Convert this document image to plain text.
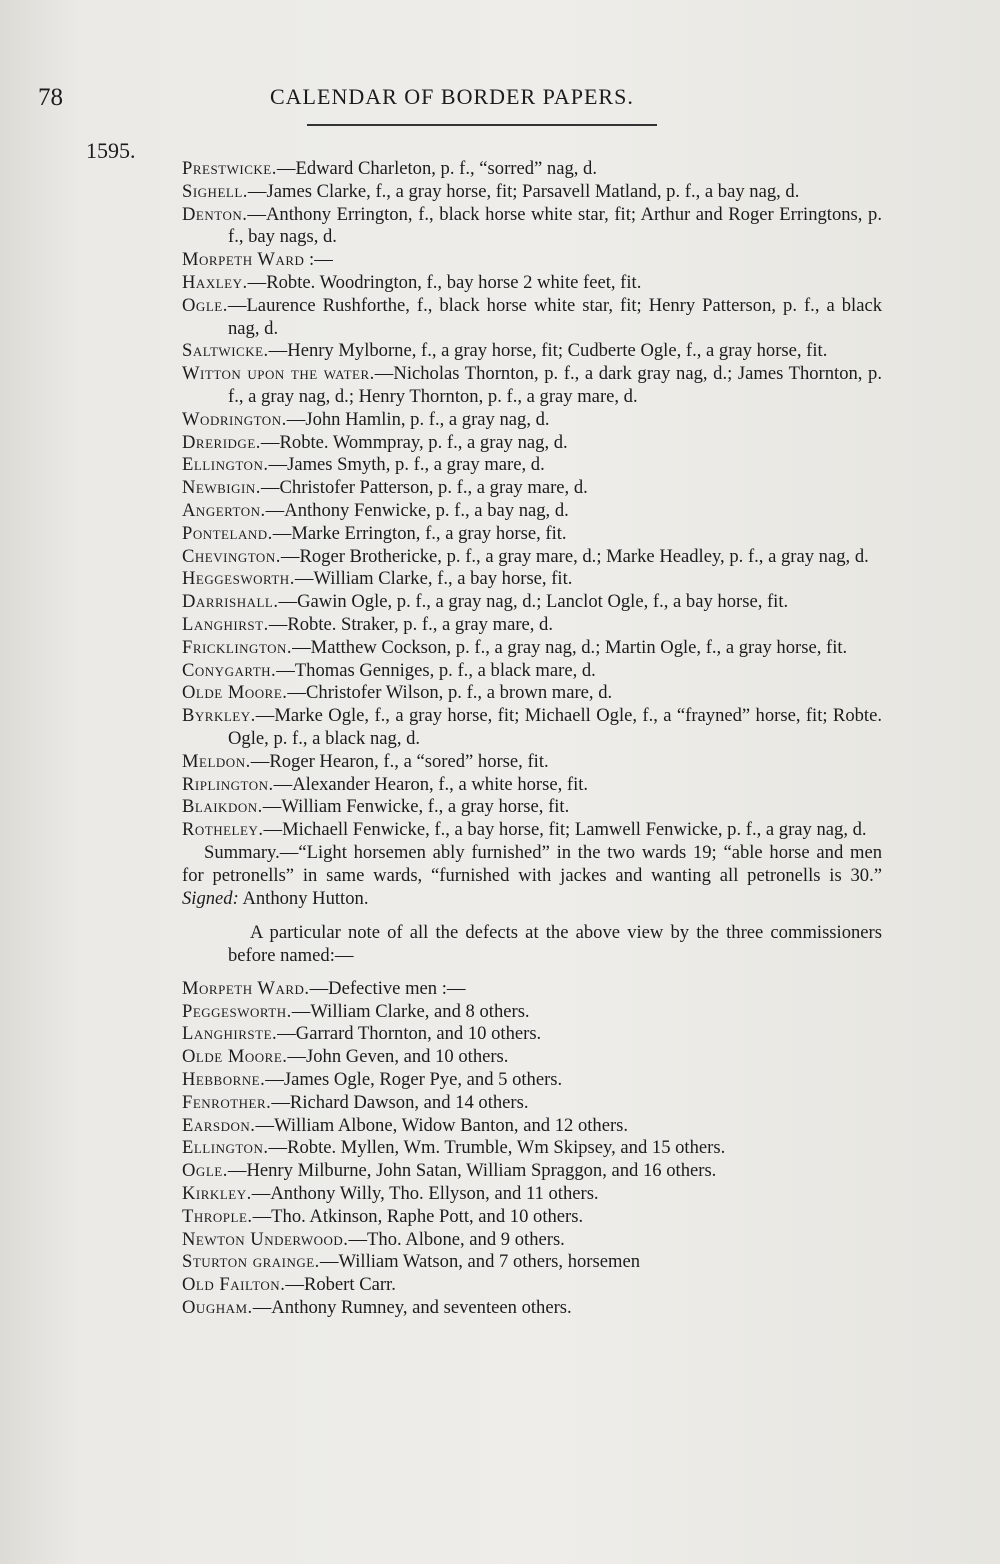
78	CALENDAR OF BORDER PAPERS.
1595.

Prestwicke.—Edward Charleton, p. f., “sorred” nag, d.

Sighell.—James Clarke, f., a gray horse, fit; Parsavell Matland, p. f., a bay nag, d.

Denton.—Anthony Errington, f., black horse white star, fit; Arthur and Roger Erringtons, p. f., bay nags, d.

Morpeth Ward :—

Haxley.—Robte. Woodrington, f., bay horse 2 white feet, fit.

Ogle.—Laurence Rushforthe, f., black horse white star, fit; Henry Patterson, p. f., a black nag, d.

Saltwicke.—Henry Mylborne, f., a gray horse, fit; Cudberte Ogle, f., a gray horse, fit.

Witton upon the water.—Nicholas Thornton, p. f., a dark gray nag, d.; James Thornton, p. f., a gray nag, d.; Henry Thornton, p. f., a gray mare, d.

Wodrington.—John Hamlin, p. f., a gray nag, d.

Dreridge.—Robte. Wommpray, p. f., a gray nag, d.

Ellington.—James Smyth, p. f., a gray mare, d.

Newbigin.—Christofer Patterson, p. f., a gray mare, d.

Angerton.—Anthony Fenwicke, p. f., a bay nag, d.

Ponteland.—Marke Errington, f., a gray horse, fit.

Chevington.—Roger Brothericke, p. f., a gray mare, d.; Marke Headley, p. f., a gray nag, d.

Heggesworth.—William Clarke, f., a bay horse, fit.

Darrishall.—Gawin Ogle, p. f., a gray nag, d.; Lanclot Ogle, f., a bay horse, fit.

Langhirst.—Robte. Straker, p. f., a gray mare, d.

Fricklington.—Matthew Cockson, p. f., a gray nag, d.; Martin Ogle, f., a gray horse, fit.

Conygarth.—Thomas Genniges, p. f., a black mare, d.

Olde Moore.—Christofer Wilson, p. f., a brown mare, d.

Byrkley.—Marke Ogle, f., a gray horse, fit; Michaell Ogle, f., a “frayned” horse, fit; Robte. Ogle, p. f., a black nag, d.

Meldon.—Roger Hearon, f., a “sored” horse, fit.

Riplington.—Alexander Hearon, f., a white horse, fit.

Blaikdon.—William Fenwicke, f., a gray horse, fit.

Rotheley.—Michaell Fenwicke, f., a bay horse, fit; Lamwell Fenwicke, p. f., a gray nag, d.

Summary.—“Light horsemen ably furnished” in the two wards 19; “able horse and men for petronells” in same wards, “furnished with jackes and wanting all petronells is 30.” Signed: Anthony Hutton.

A particular note of all the defects at the above view by the three commissioners before named:—

Morpeth Ward.—Defective men :—

Peggesworth.—William Clarke, and 8 others.

Langhirste.—Garrard Thornton, and 10 others.

Olde Moore.—John Geven, and 10 others.

Hebborne.—James Ogle, Roger Pye, and 5 others.

Fenrother.—Richard Dawson, and 14 others.

Earsdon.—William Albone, Widow Banton, and 12 others.

Ellington.—Robte. Myllen, Wm. Trumble, Wm Skipsey, and 15 others.

Ogle.—Henry Milburne, John Satan, William Spraggon, and 16 others.

Kirkley.—Anthony Willy, Tho. Ellyson, and 11 others.

Throple.—Tho. Atkinson, Raphe Pott, and 10 others.

Newton Underwood.—Tho. Albone, and 9 others.

Sturton grainge.—William Watson, and 7 others, horsemen

Old Failton.—Robert Carr.

Ougham.—Anthony Rumney, and seventeen others.
